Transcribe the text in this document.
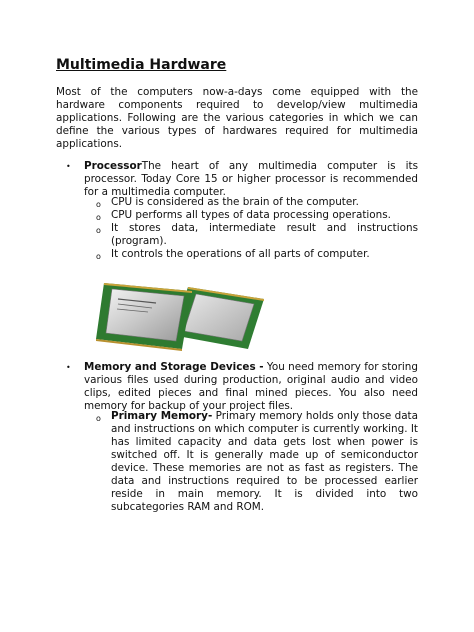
Multimedia Hardware
Most of the computers now-a-days come equipped with the hardware components required to develop/view multimedia applications. Following are the various categories in which we can define the various types of hardwares required for multimedia applications.
• ProcessorThe heart of any multimedia computer is its processor. Today Core 15 or higher processor is recommended for a multimedia computer.
o CPU is considered as the brain of the computer.
o CPU performs all types of data processing operations.
o It stores data, intermediate result and instructions (program).
o It controls the operations of all parts of computer.
• Memory and Storage Devices - You need memory for storing various files used during production, original audio and video clips, edited pieces and final mined pieces. You also need memory for backup of your project files.
o Primary Memory- Primary memory holds only those data and instructions on which computer is currently working. It has limited capacity and data gets lost when power is switched off. It is generally made up of semiconductor device. These memories are not as fast as registers. The data and instructions required to be processed earlier reside in main memory. It is divided into two subcategories RAM and ROM.
